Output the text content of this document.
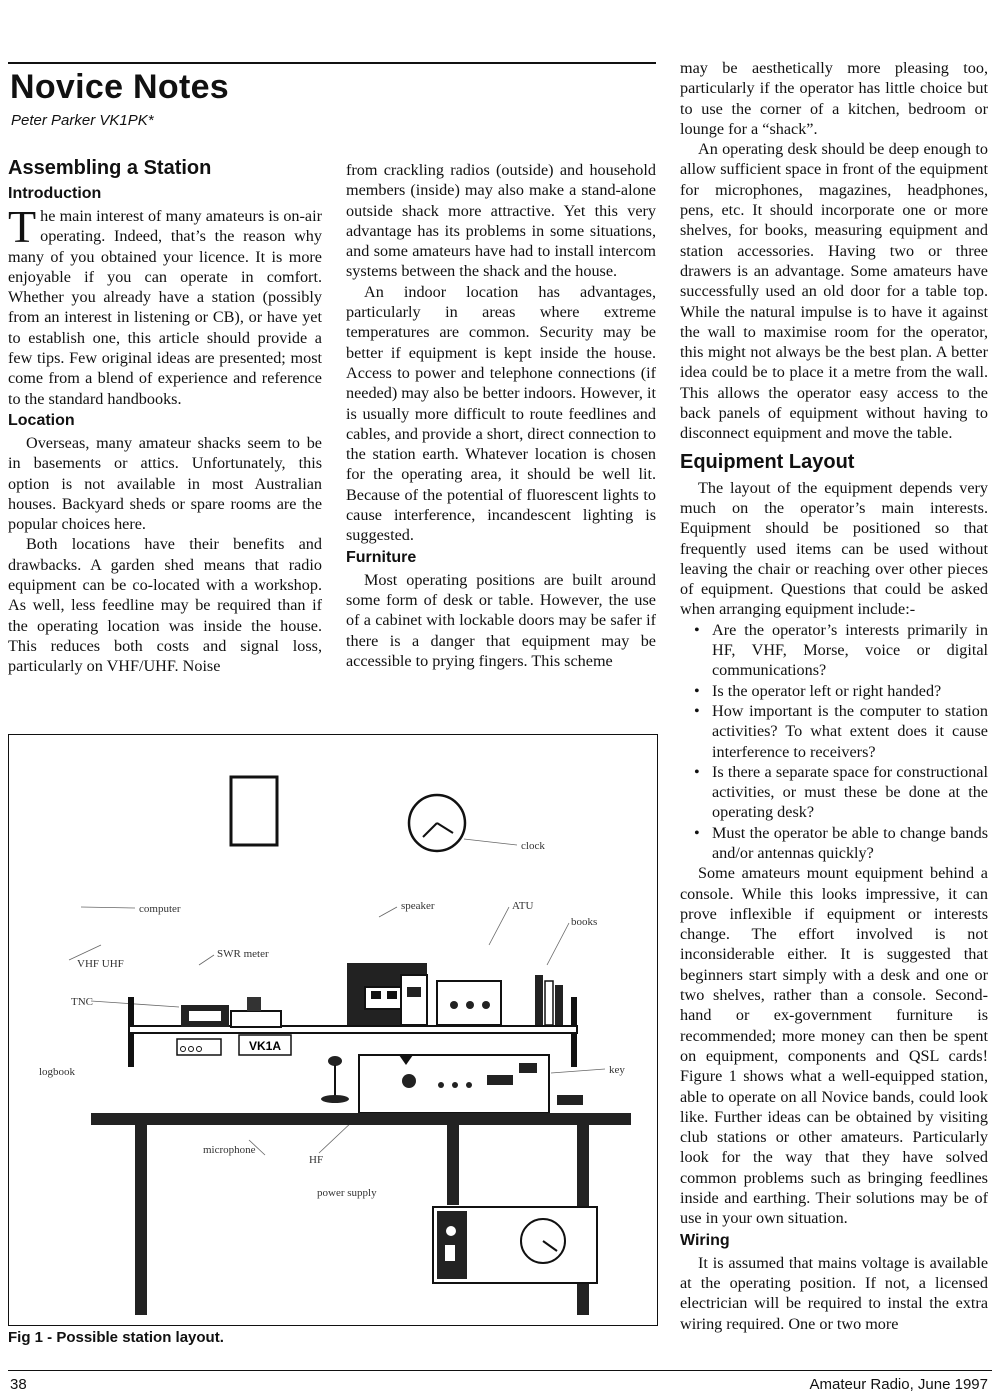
Novice Notes

Peter Parker VK1PK*

Assembling a Station
Introduction

The main interest of many amateurs is on-air operating. Indeed, that’s the reason why many of you obtained your licence. It is more enjoyable if you can operate in comfort. Whether you already have a station (possibly from an interest in listening or CB), or have yet to establish one, this article should provide a few tips. Few original ideas are presented; most come from a blend of experience and reference to the standard handbooks.

Location

Overseas, many amateur shacks seem to be in basements or attics. Unfortunately, this option is not available in most Australian houses. Backyard sheds or spare rooms are the popular choices here.

Both locations have their benefits and drawbacks. A garden shed means that radio equipment can be co-located with a workshop. As well, less feedline may be required than if the operating location was inside the house. This reduces both costs and signal loss, particularly on VHF/UHF. Noise

from crackling radios (outside) and household members (inside) may also make a stand-alone outside shack more attractive. Yet this very advantage has its problems in some situations, and some amateurs have had to install intercom systems between the shack and the house.

An indoor location has advantages, particularly in areas where extreme temperatures are common. Security may be better if equipment is kept inside the house. Access to power and telephone connections (if needed) may also be better indoors. However, it is usually more difficult to route feedlines and cables, and provide a short, direct connection to the station earth. Whatever location is chosen for the operating area, it should be well lit. Because of the potential of fluorescent lights to cause interference, incandescent lighting is suggested.

Furniture

Most operating positions are built around some form of desk or table. However, the use of a cabinet with lockable doors may be safer if there is a danger that equipment may be accessible to prying fingers. This scheme

may be aesthetically more pleasing too, particularly if the operator has little choice but to use the corner of a kitchen, bedroom or lounge for a “shack”.

An operating desk should be deep enough to allow sufficient space in front of the equipment for microphones, magazines, headphones, pens, etc. It should incorporate one or more shelves, for books, measuring equipment and station accessories. Having two or three drawers is an advantage. Some amateurs have successfully used an old door for a table top. While the natural impulse is to have it against the wall to maximise room for the operator, this might not always be the best plan. A better idea could be to place it a metre from the wall. This allows the operator easy access to the back panels of equipment without having to disconnect equipment and move the table.

Equipment Layout

The layout of the equipment depends very much on the operator’s main interests. Equipment should be positioned so that frequently used items can be used without leaving the chair or reaching over other pieces of equipment. Questions that could be asked when arranging equipment include:-

• Are the operator’s interests primarily in HF, VHF, Morse, voice or digital communications?
• Is the operator left or right handed?
• How important is the computer to station activities? To what extent does it cause interference to receivers?
• Is there a separate space for constructional activities, or must these be done at the operating desk?
• Must the operator be able to change bands and/or antennas quickly?

Some amateurs mount equipment behind a console. While this looks impressive, it can prove inflexible if equipment or interests change. The effort involved is not inconsiderable either. It is suggested that beginners start simply with a desk and one or two shelves, rather than a console. Second-hand or ex-government furniture is recommended; more money can then be spent on equipment, components and QSL cards! Figure 1 shows what a well-equipped station, able to operate on all Novice bands, could look like. Further ideas can be obtained by visiting club stations or other amateurs. Particularly look for the way that they have solved common problems such as bringing feedlines inside and earthing. Their solutions may be of use in your own situation.

Wiring

It is assumed that mains voltage is available at the operating position. If not, a licensed electrician will be required to instal the extra wiring required. One or two more

clock
computer	speaker	ATU
books
SWR meter
VHF UHF
TNC
logbook	key
microphone
HF
power supply
VK1A

Fig 1 - Possible station layout.

38	Amateur Radio, June 1997
